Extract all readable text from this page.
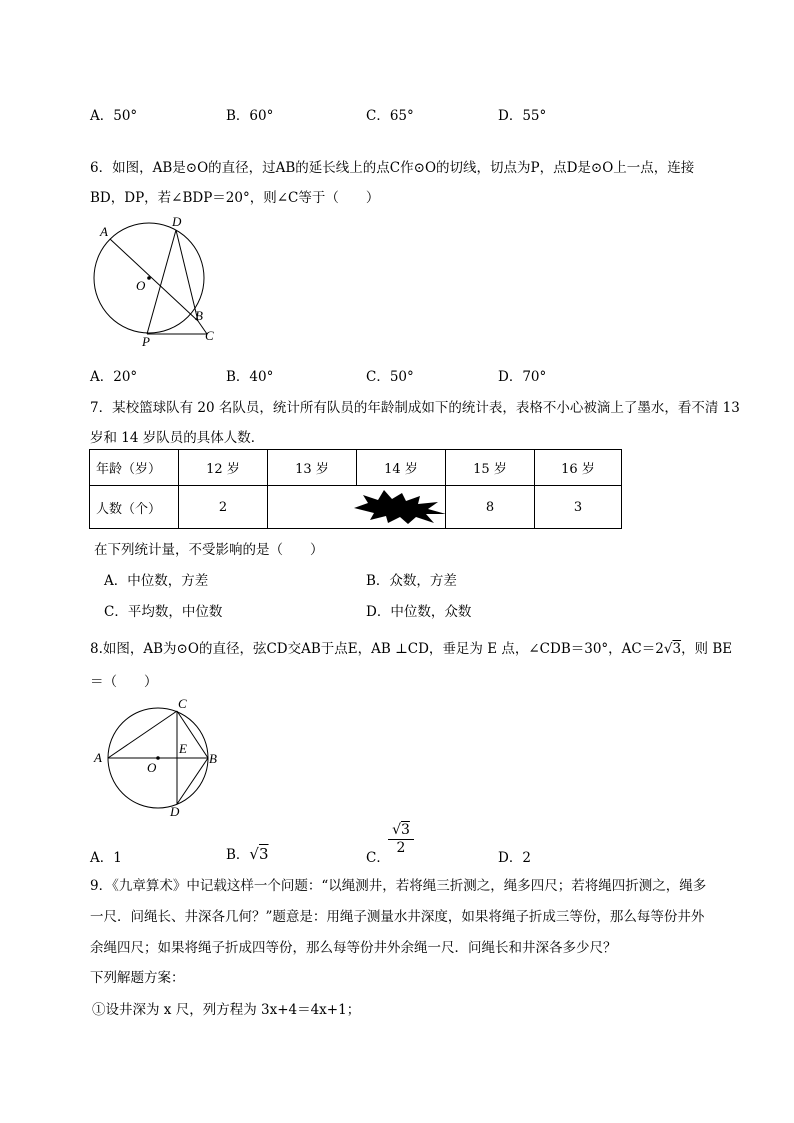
A．50°	B．60°	C．65°	D．55°
6．如图，AB是⊙O的直径，过AB的延长线上的点C作⊙O的切线，切点为P，点D是⊙O上一点，连接
BD，DP，若∠BDP＝20°，则∠C等于（　　）
A
D
O
B
C
P
A．20°	B．40°	C．50°	D．70°
7．某校篮球队有 20 名队员，统计所有队员的年龄制成如下的统计表，表格不小心被滴上了墨水，看不清 13
岁和 14 岁队员的具体人数．
年龄（岁）	12 岁	13 岁	14 岁	15 岁	16 岁
人数（个）	2			8	3
在下列统计量，不受影响的是（　　）
A．中位数，方差	B．众数，方差
C．平均数，中位数	D．中位数，众数
8.如图，AB为⊙O的直径，弦CD交AB于点E，AB ⊥CD，垂足为 E 点，∠CDB＝30°，AC＝2√3，则 BE
＝（　　）
A
O
E
B
C
D
A．1	B．√3	C．
√3
2
D．2
9．《九章算术》中记载这样一个问题：“以绳测井，若将绳三折测之，绳多四尺；若将绳四折测之，绳多
一尺．问绳长、井深各几何？”题意是：用绳子测量水井深度，如果将绳子折成三等份，那么每等份井外
余绳四尺；如果将绳子折成四等份，那么每等份井外余绳一尺．问绳长和井深各多少尺？
下列解题方案：
①设井深为 x 尺，列方程为 3x+4＝4x+1；
